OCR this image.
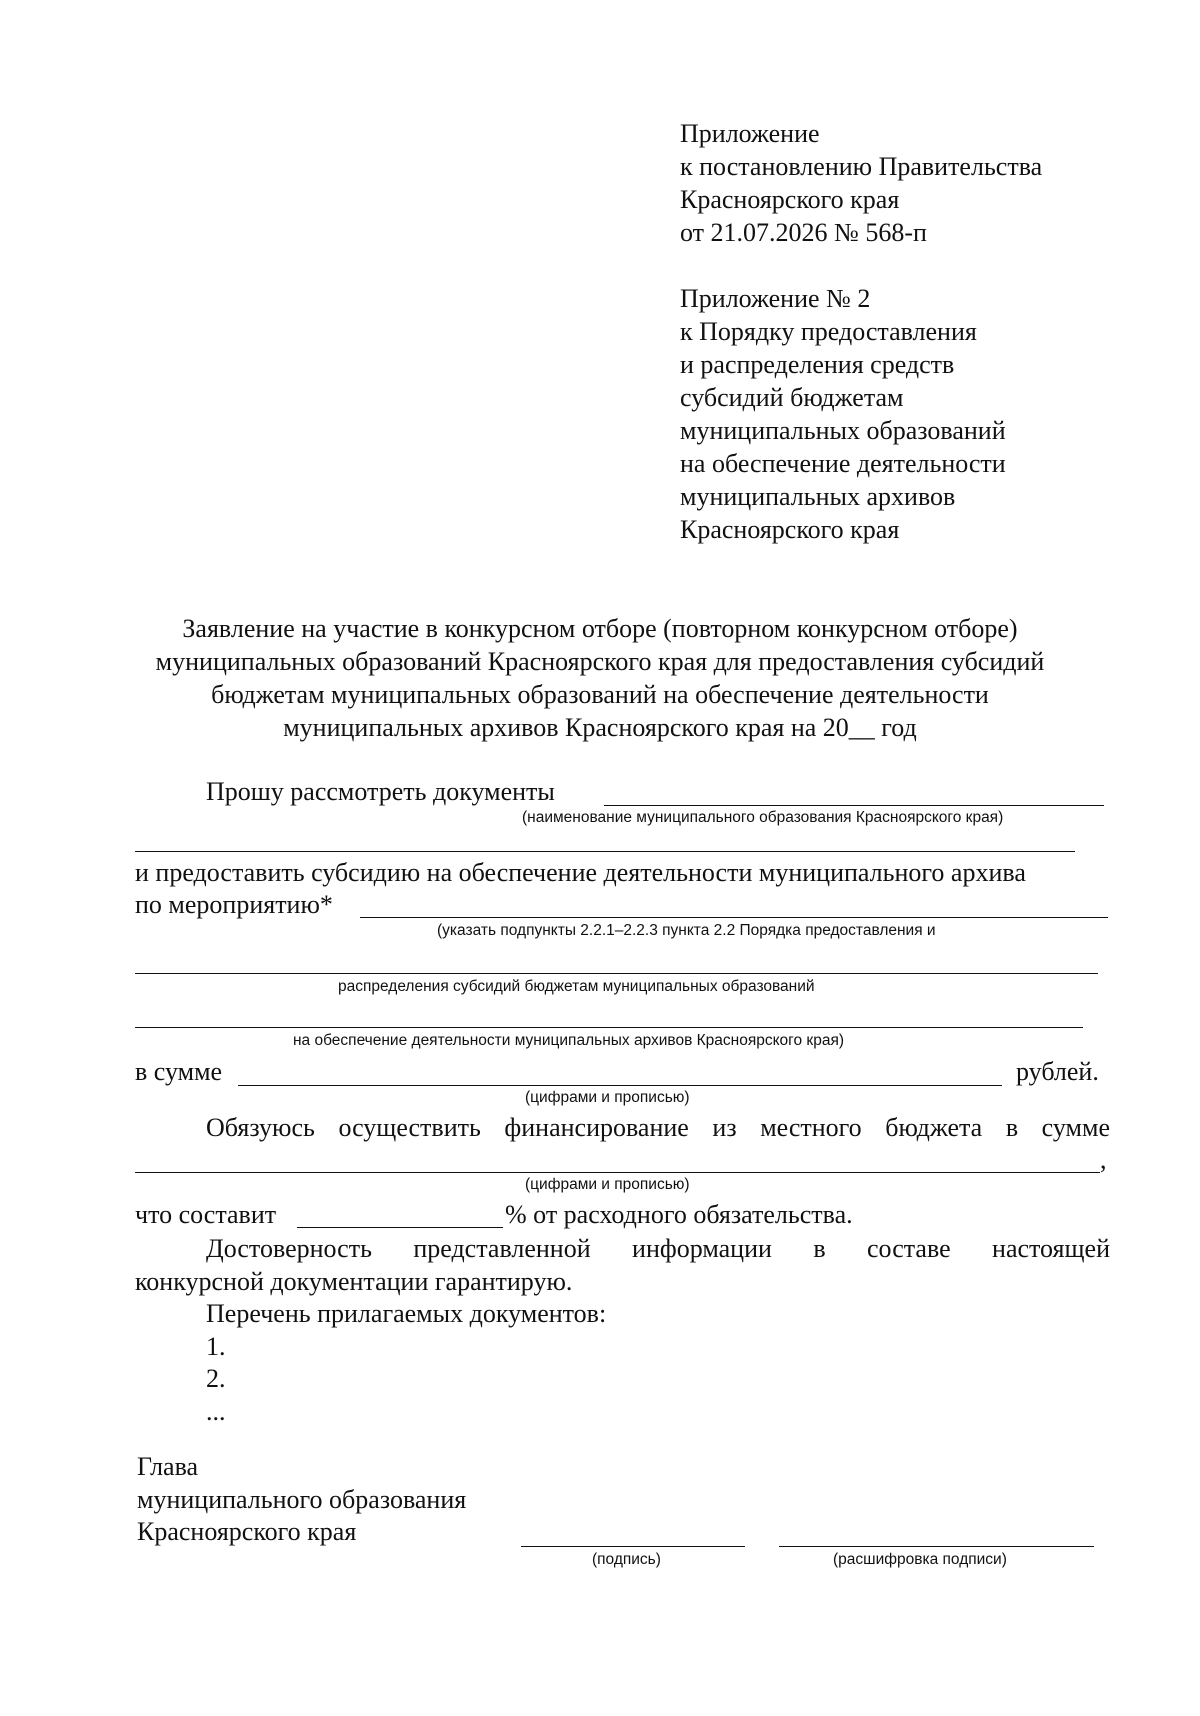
Приложение
к постановлению Правительства
Красноярского края
от 21.07.2026 № 568-п
Приложение № 2
к Порядку предоставления
и распределения средств
субсидий бюджетам
муниципальных образований
на обеспечение деятельности
муниципальных архивов
Красноярского края
Заявление на участие в конкурсном отборе (повторном конкурсном отборе)
муниципальных образований Красноярского края для предоставления субсидий
бюджетам муниципальных образований на обеспечение деятельности
муниципальных архивов Красноярского края на 20__ год
Прошу рассмотреть документы
(наименование муниципального образования Красноярского края)
и предоставить субсидию на обеспечение деятельности муниципального архива
по мероприятию*
(указать подпункты 2.2.1–2.2.3 пункта 2.2 Порядка предоставления и
распределения субсидий бюджетам муниципальных образований
на обеспечение деятельности муниципальных архивов Красноярского края)
в сумме	рублей.
(цифрами и прописью)
Обязуюсь осуществить финансирование из местного бюджета в сумме
,
(цифрами и прописью)
что составит	% от расходного обязательства.
Достоверность представленной информации в составе настоящей
конкурсной документации гарантирую.
Перечень прилагаемых документов:
1.
2.
...
Глава
муниципального образования
Красноярского края
(подпись)	(расшифровка подписи)
